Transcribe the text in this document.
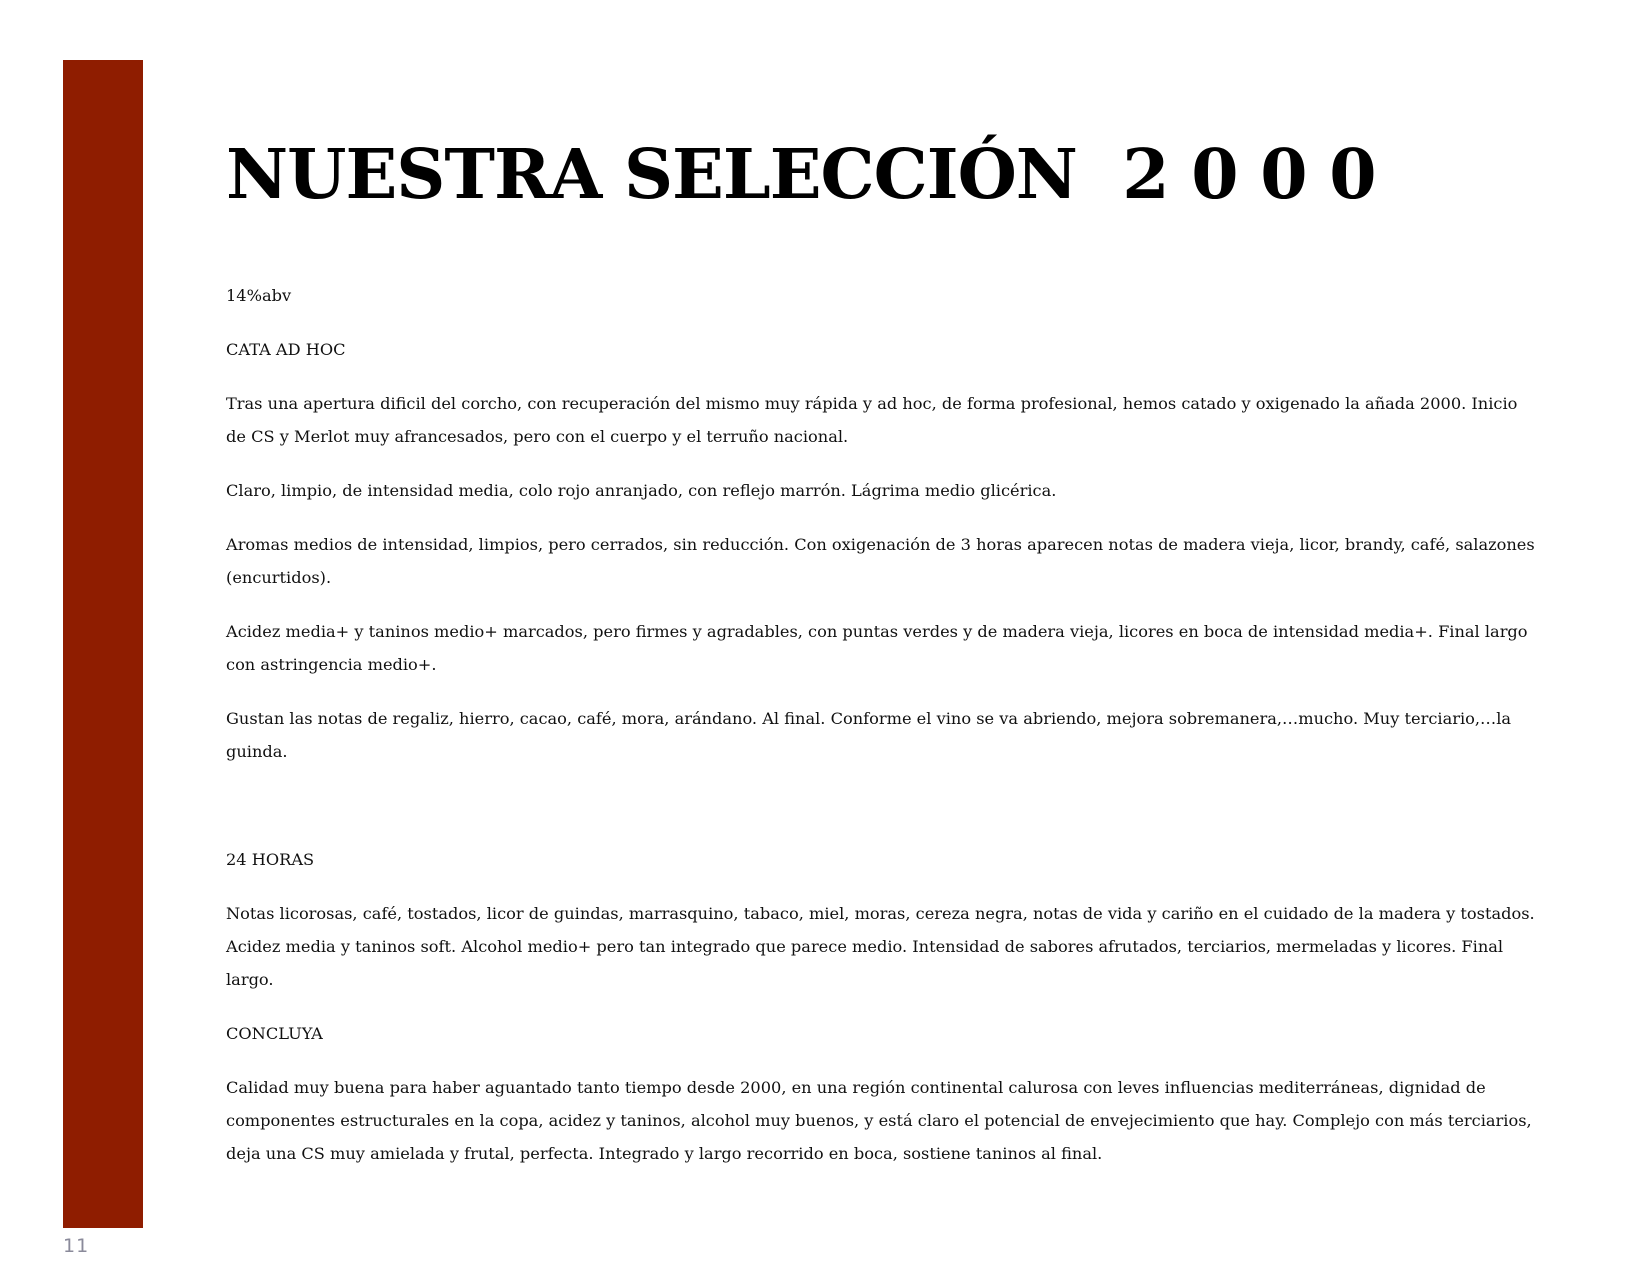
11
NUESTRA SELECCIÓN  2 0 0 0

14%abv

CATA AD HOC

Tras una apertura dificil del corcho, con recuperación del mismo muy rápida y ad hoc, de forma profesional, hemos catado y oxigenado la añada 2000. Inicio de CS y Merlot muy afrancesados, pero con el cuerpo y el terruño nacional.

Claro, limpio, de intensidad media, colo rojo anranjado, con reflejo marrón. Lágrima medio glicérica.

Aromas medios de intensidad, limpios, pero cerrados, sin reducción. Con oxigenación de 3 horas aparecen notas de madera vieja, licor, brandy, café, salazones (encurtidos).

Acidez media+ y taninos medio+ marcados, pero firmes y agradables, con puntas verdes y de madera vieja, licores en boca de intensidad media+. Final largo con astringencia medio+.

Gustan las notas de regaliz, hierro, cacao, café, mora, arándano. Al final. Conforme el vino se va abriendo, mejora sobremanera,…mucho. Muy terciario,…la guinda.

24 HORAS

Notas licorosas, café, tostados, licor de guindas, marrasquino, tabaco, miel, moras, cereza negra, notas de vida y cariño en el cuidado de la madera y tostados. Acidez media y taninos soft. Alcohol medio+ pero tan integrado que parece medio. Intensidad de sabores afrutados, terciarios, mermeladas y licores. Final largo.

CONCLUYA

Calidad muy buena para haber aguantado tanto tiempo desde 2000, en una región continental calurosa con leves influencias mediterráneas, dignidad de componentes estructurales en la copa, acidez y taninos, alcohol muy buenos, y está claro el potencial de envejecimiento que hay. Complejo con más terciarios, deja una CS muy amielada y frutal, perfecta. Integrado y largo recorrido en boca, sostiene taninos al final.
